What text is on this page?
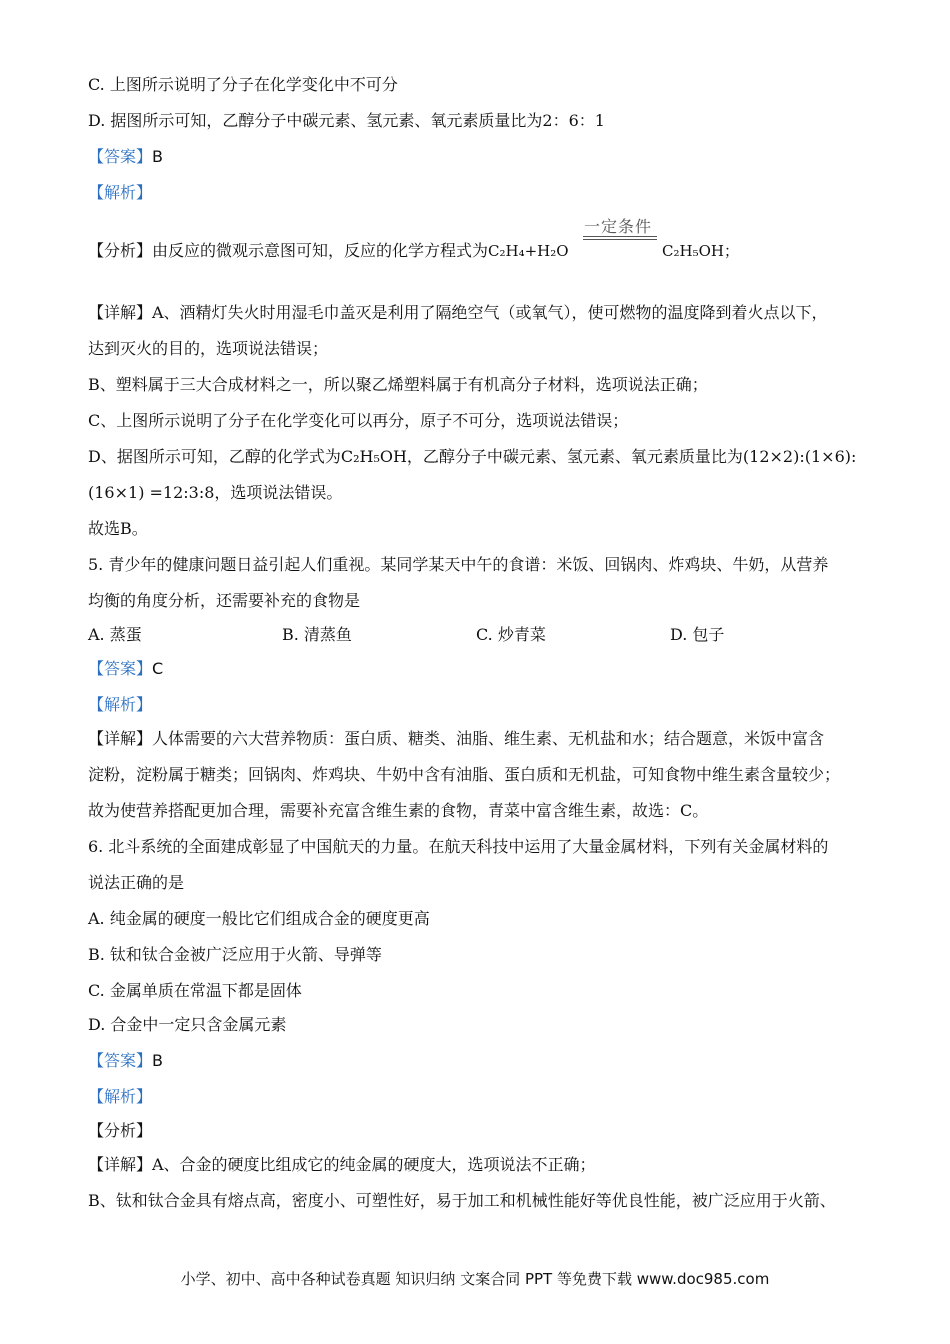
C. 上图所示说明了分子在化学变化中不可分
D. 据图所示可知，乙醇分子中碳元素、氢元素、氧元素质量比为2：6：1
【答案】B
【解析】
【分析】由反应的微观示意图可知，反应的化学方程式为C₂H₄+H₂O
一定条件
C₂H₅OH；
【详解】A、酒精灯失火时用湿毛巾盖灭是利用了隔绝空气（或氧气），使可燃物的温度降到着火点以下，
达到灭火的目的，选项说法错误；
B、塑料属于三大合成材料之一，所以聚乙烯塑料属于有机高分子材料，选项说法正确；
C、上图所示说明了分子在化学变化可以再分，原子不可分，选项说法错误；
D、据图所示可知，乙醇的化学式为C₂H₅OH，乙醇分子中碳元素、氢元素、氧元素质量比为(12×2):(1×6):
(16×1) =12:3:8，选项说法错误。
故选B。
5. 青少年的健康问题日益引起人们重视。某同学某天中午的食谱：米饭、回锅肉、炸鸡块、牛奶，从营养
均衡的角度分析，还需要补充的食物是
A. 蒸蛋	B. 清蒸鱼	C. 炒青菜	D. 包子
【答案】C
【解析】
【详解】人体需要的六大营养物质：蛋白质、糖类、油脂、维生素、无机盐和水；结合题意，米饭中富含
淀粉，淀粉属于糖类；回锅肉、炸鸡块、牛奶中含有油脂、蛋白质和无机盐，可知食物中维生素含量较少；
故为使营养搭配更加合理，需要补充富含维生素的食物，青菜中富含维生素，故选：C。
6. 北斗系统的全面建成彰显了中国航天的力量。在航天科技中运用了大量金属材料，下列有关金属材料的
说法正确的是
A. 纯金属的硬度一般比它们组成合金的硬度更高
B. 钛和钛合金被广泛应用于火箭、导弹等
C. 金属单质在常温下都是固体
D. 合金中一定只含金属元素
【答案】B
【解析】
【分析】
【详解】A、合金的硬度比组成它的纯金属的硬度大，选项说法不正确；
B、钛和钛合金具有熔点高，密度小、可塑性好，易于加工和机械性能好等优良性能，被广泛应用于火箭、
小学、初中、高中各种试卷真题 知识归纳 文案合同 PPT 等免费下载 www.doc985.com
